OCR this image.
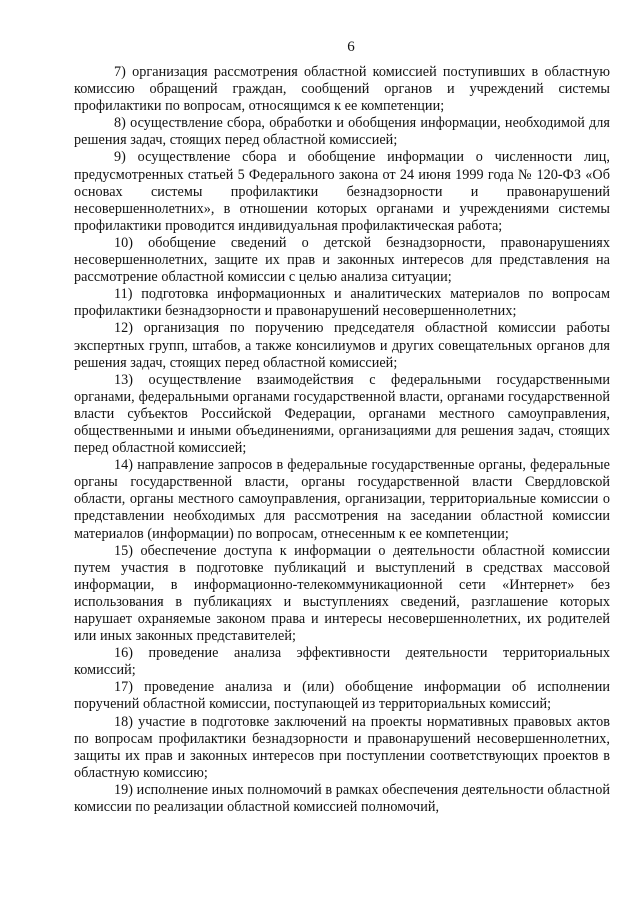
6

7) организация рассмотрения областной комиссией поступивших в областную комиссию обращений граждан, сообщений органов и учреждений системы профилактики по вопросам, относящимся к ее компетенции;

8) осуществление сбора, обработки и обобщения информации, необходимой для решения задач, стоящих перед областной комиссией;

9) осуществление сбора и обобщение информации о численности лиц, предусмотренных статьей 5 Федерального закона от 24 июня 1999 года № 120-ФЗ «Об основах системы профилактики безнадзорности и правонарушений несовершеннолетних», в отношении которых органами и учреждениями системы профилактики проводится индивидуальная профилактическая работа;

10) обобщение сведений о детской безнадзорности, правонарушениях несовершеннолетних, защите их прав и законных интересов для представления на рассмотрение областной комиссии с целью анализа ситуации;

11) подготовка информационных и аналитических материалов по вопросам профилактики безнадзорности и правонарушений несовершеннолетних;

12) организация по поручению председателя областной комиссии работы экспертных групп, штабов, а также консилиумов и других совещательных органов для решения задач, стоящих перед областной комиссией;

13) осуществление взаимодействия с федеральными государственными органами, федеральными органами государственной власти, органами государственной власти субъектов Российской Федерации, органами местного самоуправления, общественными и иными объединениями, организациями для решения задач, стоящих перед областной комиссией;

14) направление запросов в федеральные государственные органы, федеральные органы государственной власти, органы государственной власти Свердловской области, органы местного самоуправления, организации, территориальные комиссии о представлении необходимых для рассмотрения на заседании областной комиссии материалов (информации) по вопросам, отнесенным к ее компетенции;

15) обеспечение доступа к информации о деятельности областной комиссии путем участия в подготовке публикаций и выступлений в средствах массовой информации, в информационно-телекоммуникационной сети «Интернет» без использования в публикациях и выступлениях сведений, разглашение которых нарушает охраняемые законом права и интересы несовершеннолетних, их родителей или иных законных представителей;

16) проведение анализа эффективности деятельности территориальных комиссий;

17) проведение анализа и (или) обобщение информации об исполнении поручений областной комиссии, поступающей из территориальных комиссий;

18) участие в подготовке заключений на проекты нормативных правовых актов по вопросам профилактики безнадзорности и правонарушений несовершеннолетних, защиты их прав и законных интересов при поступлении соответствующих проектов в областную комиссию;

19) исполнение иных полномочий в рамках обеспечения деятельности областной комиссии по реализации областной комиссией полномочий,
